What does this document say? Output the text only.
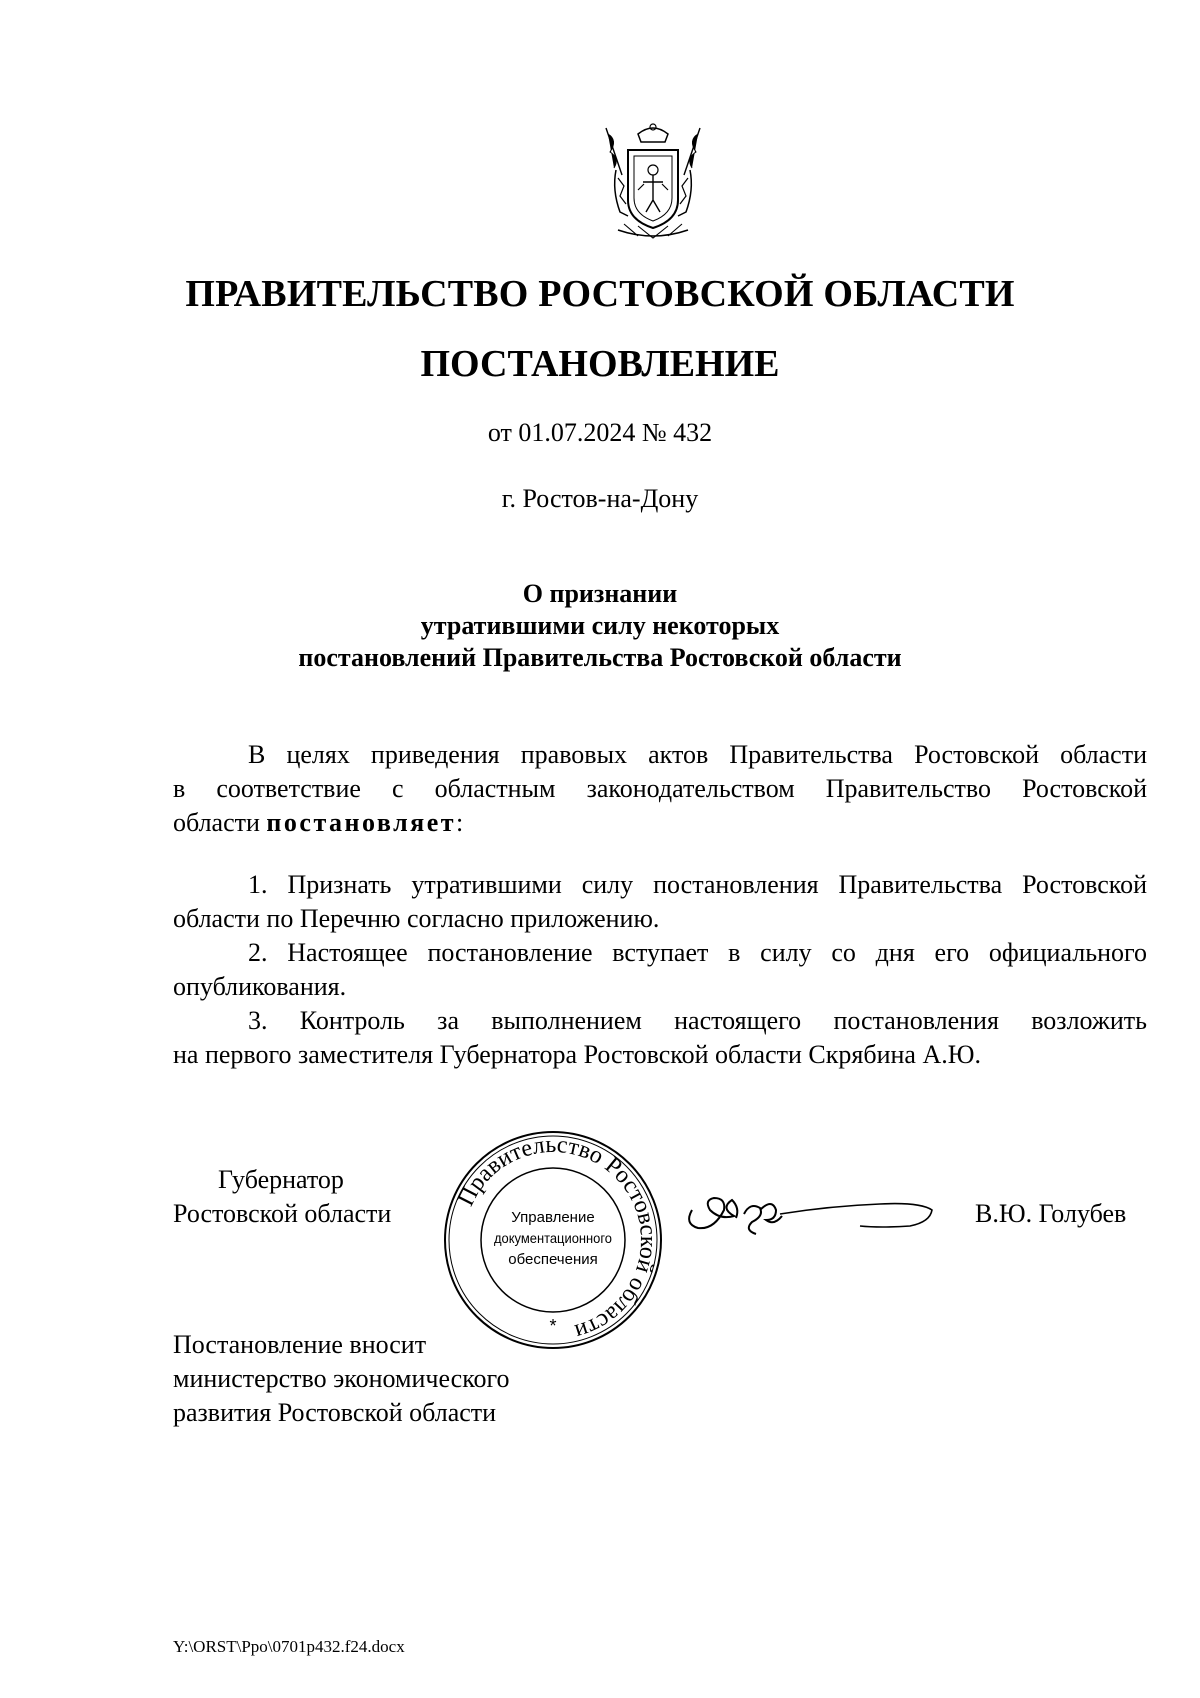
ПРАВИТЕЛЬСТВО РОСТОВСКОЙ ОБЛАСТИ
ПОСТАНОВЛЕНИЕ
от 01.07.2024 № 432
г. Ростов-на-Дону
О признании
утратившими силу некоторых
постановлений Правительства Ростовской области
В целях приведения правовых актов Правительства Ростовской области
в соответствие с областным законодательством Правительство Ростовской
области постановляет:
1. Признать утратившими силу постановления Правительства Ростовской
области по Перечню согласно приложению.
2. Настоящее постановление вступает в силу со дня его официального
опубликования.
3. Контроль за выполнением настоящего постановления возложить
на первого заместителя Губернатора Ростовской области Скрябина А.Ю.
Губернатор
Ростовской области
Правительство Ростовской области
Управление
документационного
обеспечения
*
В.Ю. Голубев
Постановление вносит
министерство экономического
развития Ростовской области
Y:\ORST\Ppo\0701p432.f24.docx
